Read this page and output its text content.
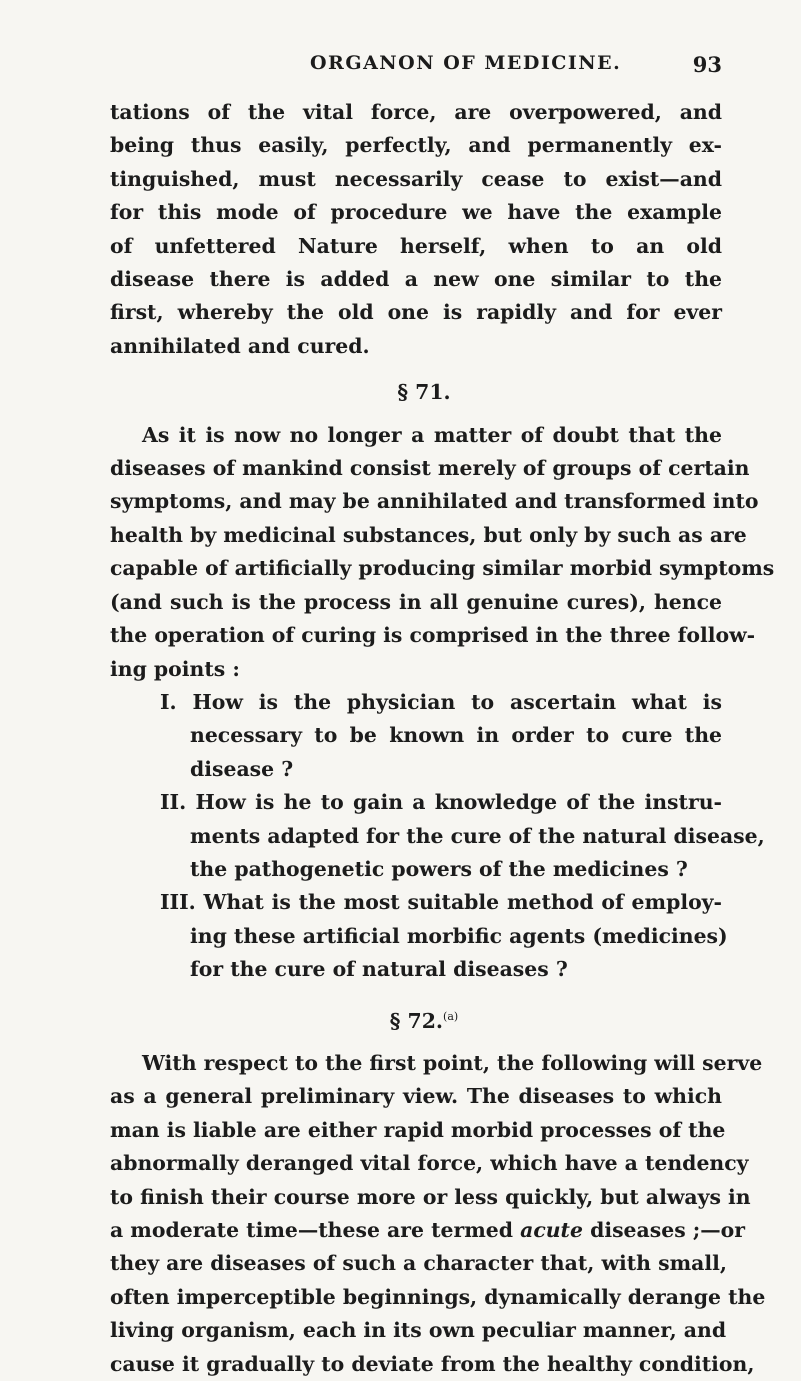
ORGANON OF MEDICINE.	93
tations of the vital force, are overpowered, and
being thus easily, perfectly, and permanently ex-
tinguished, must necessarily cease to exist—and
for this mode of procedure we have the example
of unfettered Nature herself, when to an old
disease there is added a new one similar to the
first, whereby the old one is rapidly and for ever
annihilated and cured.
§ 71.
As it is now no longer a matter of doubt that the
diseases of mankind consist merely of groups of certain
symptoms, and may be annihilated and transformed into
health by medicinal substances, but only by such as are
capable of artificially producing similar morbid symptoms
(and such is the process in all genuine cures), hence
the operation of curing is comprised in the three follow-
ing points :
I. How is the physician to ascertain what is
necessary to be known in order to cure the
disease ?
II. How is he to gain a knowledge of the instru-
ments adapted for the cure of the natural disease,
the pathogenetic powers of the medicines ?
III. What is the most suitable method of employ-
ing these artificial morbific agents (medicines)
for the cure of natural diseases ?
§ 72.$^{(a)}$
With respect to the first point, the following will serve
as a general preliminary view. The diseases to which
man is liable are either rapid morbid processes of the
abnormally deranged vital force, which have a tendency
to finish their course more or less quickly, but always in
a moderate time—these are termed acute diseases ;—or
they are diseases of such a character that, with small,
often imperceptible beginnings, dynamically derange the
living organism, each in its own peculiar manner, and
cause it gradually to deviate from the healthy condition,
